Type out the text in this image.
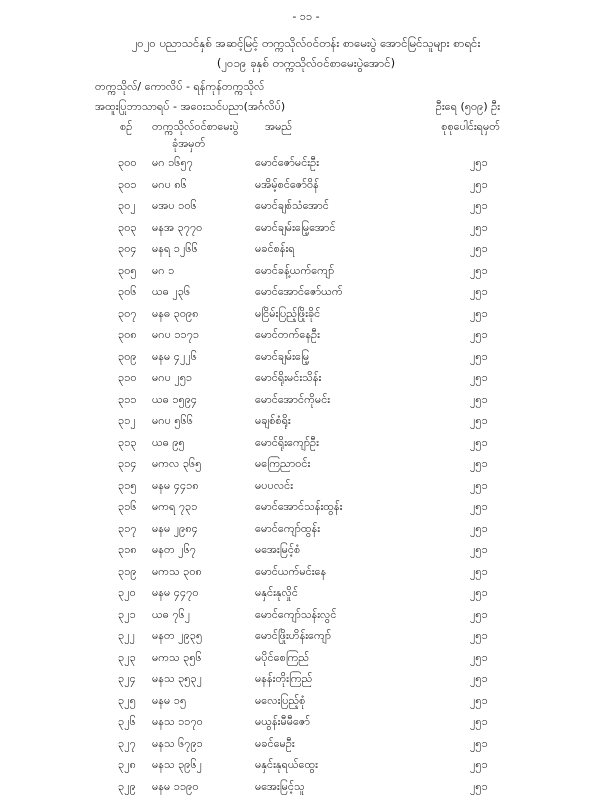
- ၁၁ -
၂၀၂၀ ပညာသင်နှစ် အဆင့်မြင့် တက္ကသိုလ်ဝင်တန်း စာမေးပွဲ အောင်မြင်သူများ စာရင်း
(၂၀၁၉ ခုနှစ် တက္ကသိုလ်ဝင်စာမေးပွဲအောင်)
တက္ကသိုလ်/ ကောလိပ် - ရန်ကုန်တက္ကသိုလ်
အထူးပြုဘာသာရပ် - အဝေးသင်ပညာ(အင်္ဂလိပ်)	ဦးရေ (၅၀၉) ဦး
စဉ် တက္ကသိုလ်ဝင်စာမေးပွဲ
ခုံအမှတ်
အမည်	စုစုပေါင်းရမှတ်
၃၀၀ မဂ ၁၆၅၇	မောင်ဇော်မင်းဦး	၂၅၁
၃၀၁ မဂပ ၈၆	မအိမ့်စင်ဇော်ဝိန်	၂၅၁
၃၀၂ မအပ ၁၀၆	မောင်ချစ်သံအောင်	၂၅၁
၃၀၃ မနအ ၃၇၇၀	မောင်ချမ်းမြေ့အောင်	၂၅၁
၃၀၄ မနရ ၁၂၆၆	မခင်စန်းရ	၂၅၁
၃၀၅ မဂ ၁	မောင်ခန့်ယက်ကျော်	၂၅၁
၃၀၆ ယဓ ၂၃၆	မောင်အောင်ဇော်ယက်	၂၅၁
၃၀၇ မနဓ ၃၀၉၈	မငြိမ်းပြည့်ဖြိုးခိုင်	၂၅၁
၃၀၈ မဂပ ၁၁၇၁	မောင်တက်နေဦး	၂၅၁
၃၀၉ မနမ ၄၂၂၆	မောင်ချမ်းမြေ့	၂၅၁
၃၁၀ မဂပ ၂၅၁	မောင်ရိုးမင်းသိန်း	၂၅၁
၃၁၁ ယဓ ၁၅၉၄	မောင်အောင်ကိုမင်း	၂၅၁
၃၁၂ မဂပ ၅၆၆	မချစ်စံရိုး	၂၅၁
၃၁၃ ယဓ ၉၅	မောင်ရိုးကျော်ဦး	၂၅၁
၃၁၄ မကလ ၃၆၅	မကြေညာဝင်း	၂၅၁
၃၁၅ မနမ ၄၄၁၈	မပပလင်း	၂၅၁
၃၁၆ မကရ ၇၃၁	မောင်အောင်သန်းထွန်း	၂၅၁
၃၁၇ မနမ ၂၉၈၄	မောင်ကျော်ထွန်း	၂၅၁
၃၁၈ မနတ ၂၆၇	မအေးမြင့်စံ	၂၅၁
၃၁၉ မကသ ၃၀၈	မောင်ယက်မင်းနေ	၂၅၁
၃၂၀ မနမ ၄၄၇၀	မနှင်းနုလှိုင်	၂၅၁
၃၂၁ ယဓ ၇၆၂	မောင်ကျော်သန်းလွင်	၂၅၁
၃၂၂ မနတ ၂၉၃၅	မောင်ဖြိုးဟိန်းကျော်	၂၅၁
၃၂၃ မကသ ၃၅၆	မပိုင်စေကြည်	၂၅၁
၃၂၄ မနသ ၃၅၃၂	မနန်းတိုးကြည်	၂၅၁
၃၂၅ မနမ ၁၅	မလေးပြည့်စုံ	၂၅၁
၃၂၆ မနသ ၁၁၇၀	မယွန်းမီမီဇော်	၂၅၁
၃၂၇ မနသ ၆၇၉၁	မခင်မေဦး	၂၅၁
၃၂၈ မနသ ၃၉၆၂	မနှင်းနုရယ်ထွေး	၂၅၁
၃၂၉ မနမ ၁၁၉၀	မအေးမြင့်သူ	၂၅၁
